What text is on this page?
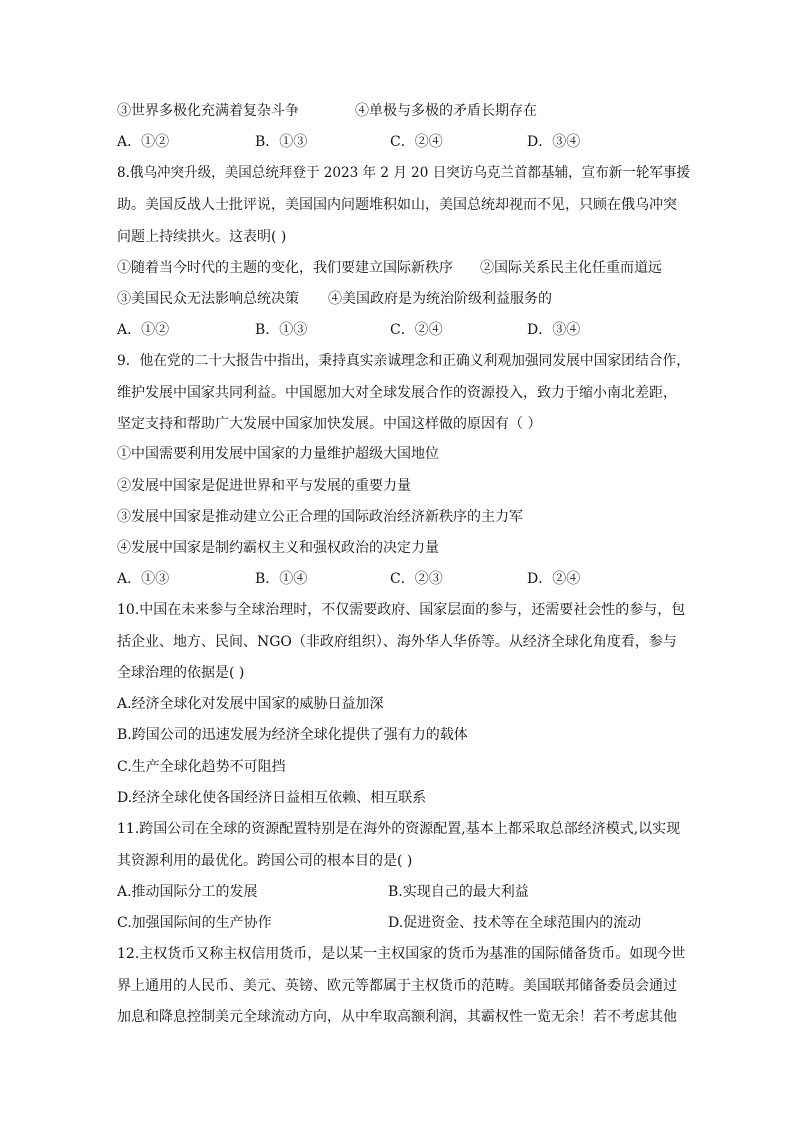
③世界多极化充满着复杂斗争	④单极与多极的矛盾长期存在
A．①②	B．①③	C．②④	D．③④
8.俄乌冲突升级，美国总统拜登于 2023 年 2 月 20 日突访乌克兰首都基辅，宣布新一轮军事援
助。美国反战人士批评说，美国国内问题堆积如山，美国总统却视而不见，只顾在俄乌冲突
问题上持续拱火。这表明( )
①随着当今时代的主题的变化，我们要建立国际新秩序 ②国际关系民主化任重而道远
③美国民众无法影响总统决策 ④美国政府是为统治阶级利益服务的
A．①②	B．①③	C．②④	D．③④
9．他在党的二十大报告中指出，秉持真实亲诚理念和正确义利观加强同发展中国家团结合作，
维护发展中国家共同利益。中国愿加大对全球发展合作的资源投入，致力于缩小南北差距，
坚定支持和帮助广大发展中国家加快发展。中国这样做的原因有（ ）
①中国需要利用发展中国家的力量维护超级大国地位
②发展中国家是促进世界和平与发展的重要力量
③发展中国家是推动建立公正合理的国际政治经济新秩序的主力军
④发展中国家是制约霸权主义和强权政治的决定力量
A．①③	B．①④	C．②③	D．②④
10.中国在未来参与全球治理时，不仅需要政府、国家层面的参与，还需要社会性的参与，包
括企业、地方、民间、NGO（非政府组织）、海外华人华侨等。从经济全球化角度看，参与
全球治理的依据是( )
A.经济全球化对发展中国家的威胁日益加深
B.跨国公司的迅速发展为经济全球化提供了强有力的载体
C.生产全球化趋势不可阻挡
D.经济全球化使各国经济日益相互依赖、相互联系
11.跨国公司在全球的资源配置特别是在海外的资源配置,基本上都采取总部经济模式,以实现
其资源利用的最优化。跨国公司的根本目的是( )
A.推动国际分工的发展	B.实现自己的最大利益
C.加强国际间的生产协作	D.促进资金、技术等在全球范围内的流动
12.主权货币又称主权信用货币，是以某一主权国家的货币为基准的国际储备货币。如现今世
界上通用的人民币、美元、英镑、欧元等都属于主权货币的范畴。美国联邦储备委员会通过
加息和降息控制美元全球流动方向，从中牟取高额利润，其霸权性一览无余！若不考虑其他
